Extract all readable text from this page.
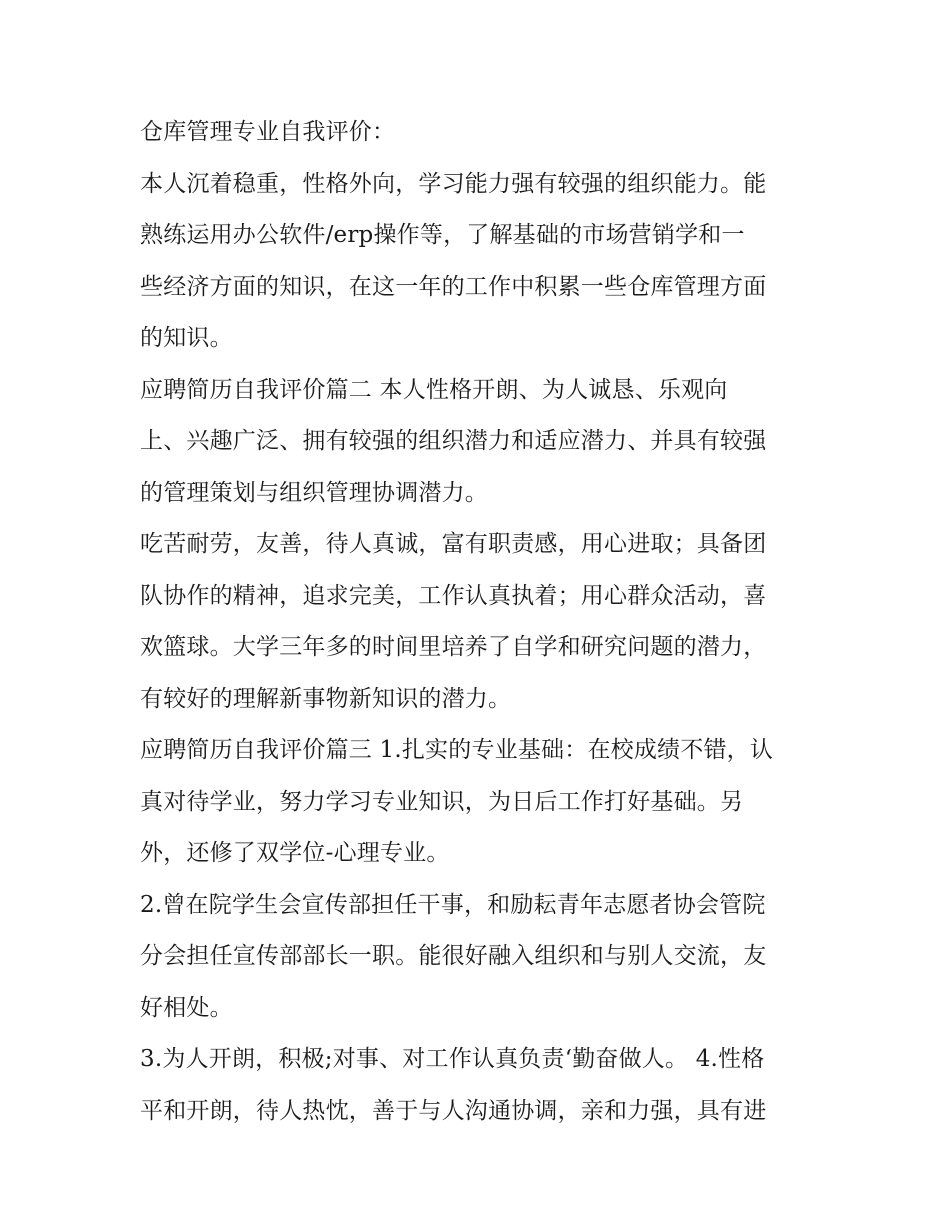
仓库管理专业自我评价：
本人沉着稳重，性格外向，学习能力强有较强的组织能力。能
熟练运用办公软件/erp操作等，了解基础的市场营销学和一
些经济方面的知识，在这一年的工作中积累一些仓库管理方面
的知识。
应聘简历自我评价篇二 本人性格开朗、为人诚恳、乐观向
上、兴趣广泛、拥有较强的组织潜力和适应潜力、并具有较强
的管理策划与组织管理协调潜力。
吃苦耐劳，友善，待人真诚，富有职责感，用心进取；具备团
队协作的精神，追求完美，工作认真执着；用心群众活动，喜
欢篮球。大学三年多的时间里培养了自学和研究问题的潜力，
有较好的理解新事物新知识的潜力。
应聘简历自我评价篇三 1.扎实的专业基础：在校成绩不错，认
真对待学业，努力学习专业知识，为日后工作打好基础。另
外，还修了双学位-心理专业。
2.曾在院学生会宣传部担任干事，和励耘青年志愿者协会管院
分会担任宣传部部长一职。能很好融入组织和与别人交流，友
好相处。
3.为人开朗，积极;对事、对工作认真负责‘勤奋做人。 4.性格
平和开朗，待人热忱，善于与人沟通协调，亲和力强，具有进
